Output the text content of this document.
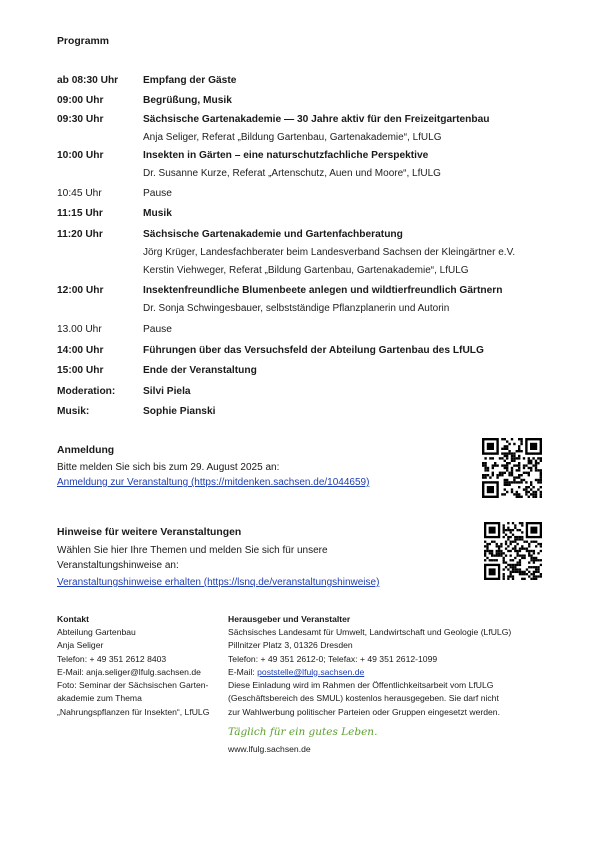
Programm
ab 08:30 Uhr	Empfang der Gäste
09:00 Uhr	Begrüßung, Musik
09:30 Uhr	Sächsische Gartenakademie — 30 Jahre aktiv für den Freizeitgartenbau
Anja Seliger, Referat „Bildung Gartenbau, Gartenakademie“, LfULG
10:00 Uhr	Insekten in Gärten – eine naturschutzfachliche Perspektive
Dr. Susanne Kurze, Referat „Artenschutz, Auen und Moore“, LfULG
10:45 Uhr	Pause
11:15 Uhr	Musik
11:20 Uhr	Sächsische Gartenakademie und Gartenfachberatung
Jörg Krüger, Landesfachberater beim Landesverband Sachsen der Kleingärtner e.V.
Kerstin Viehweger, Referat „Bildung Gartenbau, Gartenakademie“, LfULG
12:00 Uhr	Insektenfreundliche Blumenbeete anlegen und wildtierfreundlich Gärtnern
Dr. Sonja Schwingesbauer, selbstständige Pflanzplanerin und Autorin
13.00 Uhr	Pause
14:00 Uhr	Führungen über das Versuchsfeld der Abteilung Gartenbau des LfULG
15:00 Uhr	Ende der Veranstaltung
Moderation:	Silvi Piela
Musik:	Sophie Pianski
Anmeldung
Bitte melden Sie sich bis zum 29. August 2025 an:
Anmeldung zur Veranstaltung (https://mitdenken.sachsen.de/1044659)
Hinweise für weitere Veranstaltungen
Wählen Sie hier Ihre Themen und melden Sie sich für unsere
Veranstaltungshinweise an:
Veranstaltungshinweise erhalten (https://lsnq.de/veranstaltungshinweise)
Kontakt
Abteilung Gartenbau
Anja Seliger
Telefon: + 49 351 2612 8403
E-Mail: anja.seliger@lfulg.sachsen.de
Foto: Seminar der Sächsischen Garten-
akademie zum Thema
„Nahrungspflanzen für Insekten“, LfULG
Herausgeber und Veranstalter
Sächsisches Landesamt für Umwelt, Landwirtschaft und Geologie (LfULG)
Pillnitzer Platz 3, 01326 Dresden
Telefon: + 49 351 2612-0; Telefax: + 49 351 2612-1099
E-Mail: poststelle@lfulg.sachsen.de
Diese Einladung wird im Rahmen der Öffentlichkeitsarbeit vom LfULG
(Geschäftsbereich des SMUL) kostenlos herausgegeben. Sie darf nicht
zur Wahlwerbung politischer Parteien oder Gruppen eingesetzt werden.
Täglich für ein gutes Leben.
www.lfulg.sachsen.de
